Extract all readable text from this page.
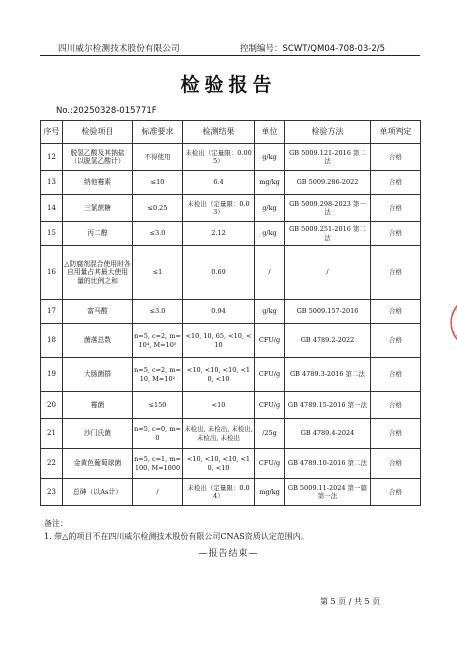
四川威尔检测技术股份有限公司	控制编号：SCWT/QM04-708-03-2/5
检验报告
No.:20250328-015771F
序号	检验项目	标准要求	检测结果	单位	检验方法	单项判定
12	脱氢乙酸及其钠盐（以脱氢乙酸计）	不得使用	未检出（定量限：0.005）	g/kg	GB 5009.121-2016 第二法	合格
13	纳他霉素	≤10	6.4	mg/kg	GB 5009.286-2022	合格
14	三氯蔗糖	≤0.25	未检出（定量限：0.03）	g/kg	GB 5009.298-2023 第一法	合格
15	丙二醇	≤3.0	2.12	g/kg	GB 5009.251-2016 第二法	合格
16	△防腐剂混合使用时各自用量占其最大使用量的比例之和	≤1	0.69	/	/	合格
17	富马酸	≤3.0	0.94	g/kg	GB 5009.157-2016	合格
18	菌落总数	n=5, c=2, m=10⁴, M=10⁵	<10, 10, 65, <10, <10	CFU/g	GB 4789.2-2022	合格
19	大肠菌群	n=5, c=2, m=10, M=10²	<10, <10, <10, <10, <10	CFU/g	GB 4789.3-2016 第二法	合格
20	霉菌	≤150	<10	CFU/g	GB 4789.15-2016 第一法	合格
21	沙门氏菌	n=5, c=0, m=0	未检出, 未检出, 未检出, 未检出, 未检出	/25g	GB 4789.4-2024	合格
22	金黄色葡萄球菌	n=5, c=1, m=100, M=1000	<10, <10, <10, <10, <10	CFU/g	GB 4789.10-2016 第二法	合格
23	总砷（以As计）	/	未检出（定量限：0.04）	mg/kg	GB 5009.11-2024 第一篇第一法	合格
备注：
1. 带△的项目不在四川威尔检测技术股份有限公司CNAS资质认定范围内。
—报告结束—
第 5 页 / 共 5 页
